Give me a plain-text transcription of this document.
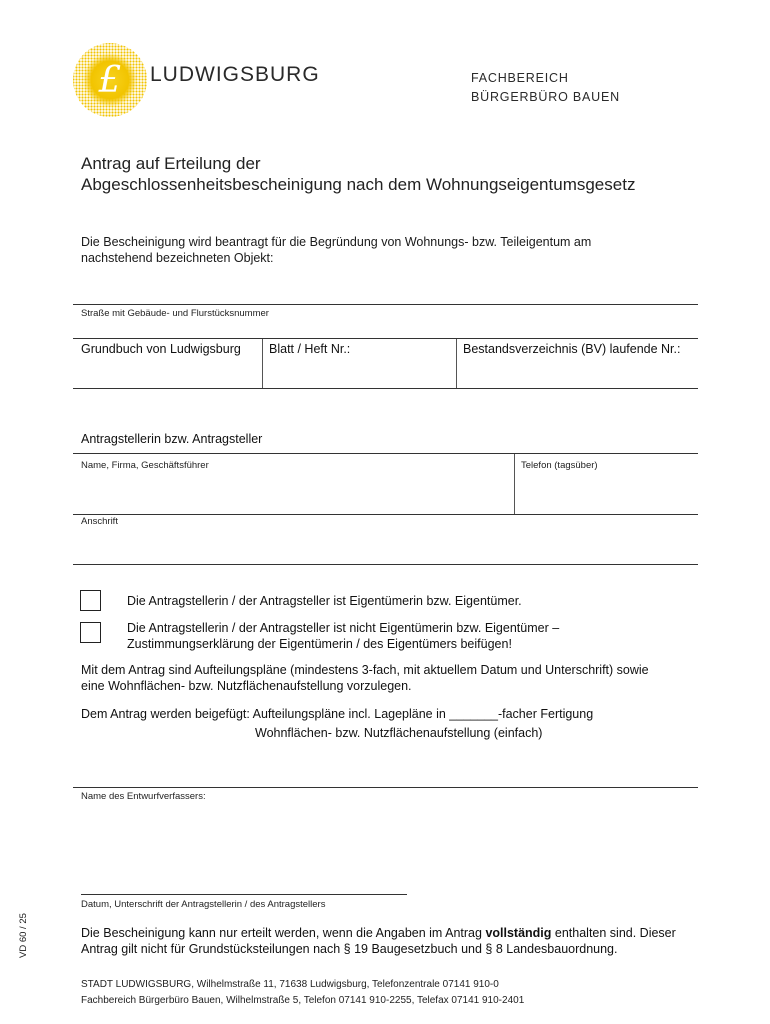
£ LUDWIGSBURG	FACHBEREICH
BÜRGERBÜRO BAUEN
Antrag auf Erteilung der
Abgeschlossenheitsbescheinigung nach dem Wohnungseigentumsgesetz
Die Bescheinigung wird beantragt für die Begründung von Wohnungs- bzw. Teileigentum am
nachstehend bezeichneten Objekt:
Straße mit Gebäude- und Flurstücksnummer
Grundbuch von Ludwigsburg Blatt / Heft Nr.:	Bestandsverzeichnis (BV) laufende Nr.:
Antragstellerin bzw. Antragsteller
Name, Firma, Geschäftsführer	Telefon (tagsüber)
Anschrift
Die Antragstellerin / der Antragsteller ist Eigentümerin bzw. Eigentümer.
Die Antragstellerin / der Antragsteller ist nicht Eigentümerin bzw. Eigentümer –
Zustimmungserklärung der Eigentümerin / des Eigentümers beifügen!
Mit dem Antrag sind Aufteilungspläne (mindestens 3-fach, mit aktuellem Datum und Unterschrift) sowie
eine Wohnflächen- bzw. Nutzflächenaufstellung vorzulegen.
Dem Antrag werden beigefügt: Aufteilungspläne incl. Lagepläne in _______-facher Fertigung
Wohnflächen- bzw. Nutzflächenaufstellung (einfach)
Name des Entwurfverfassers:
Datum, Unterschrift der Antragstellerin / des Antragstellers
Die Bescheinigung kann nur erteilt werden, wenn die Angaben im Antrag vollständig enthalten sind. Dieser
Antrag gilt nicht für Grundstücksteilungen nach § 19 Baugesetzbuch und § 8 Landesbauordnung.
STADT LUDWIGSBURG, Wilhelmstraße 11, 71638 Ludwigsburg, Telefonzentrale 07141 910-0
Fachbereich Bürgerbüro Bauen, Wilhelmstraße 5, Telefon 07141 910-2255, Telefax 07141 910-2401
VD 60 / 25
